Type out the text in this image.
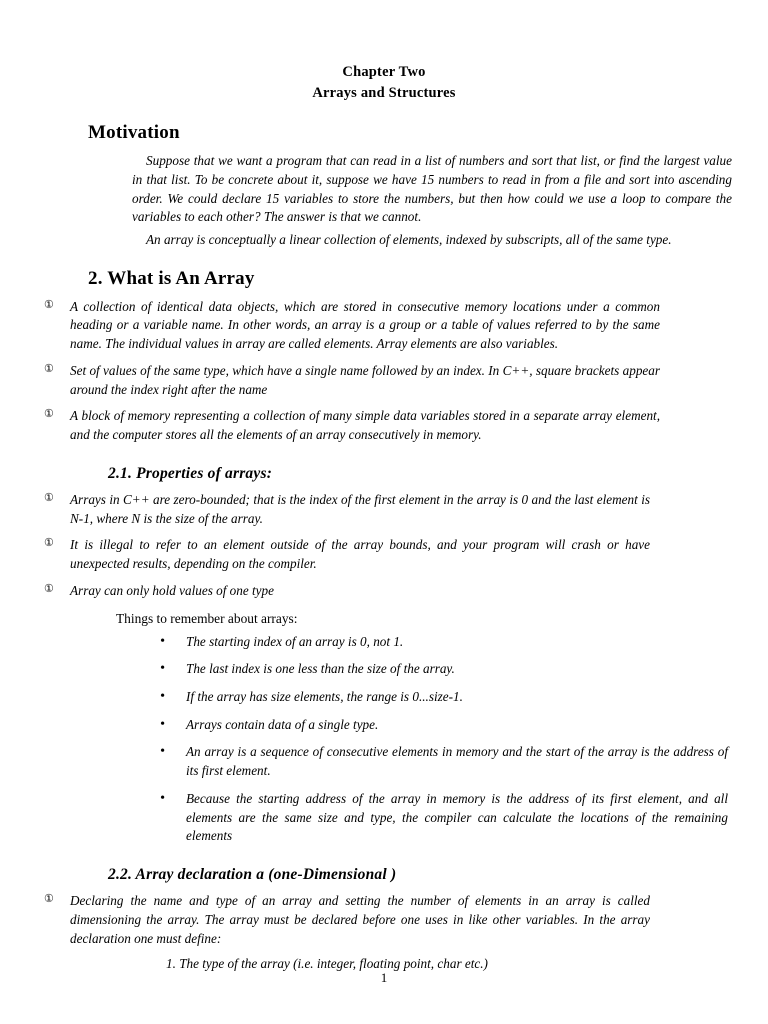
Chapter Two
Arrays and Structures
Motivation

Suppose that we want a program that can read in a list of numbers and sort that list, or find the largest value in that list. To be concrete about it, suppose we have 15 numbers to read in from a file and sort into ascending order. We could declare 15 variables to store the numbers, but then how could we use a loop to compare the variables to each other? The answer is that we cannot.

An array is conceptually a linear collection of elements, indexed by subscripts, all of the same type.

2. What is An Array
① A collection of identical data objects, which are stored in consecutive memory locations under a common heading or a variable name. In other words, an array is a group or a table of values referred to by the same name. The individual values in array are called elements. Array elements are also variables.
① Set of values of the same type, which have a single name followed by an index. In C++, square brackets appear around the index right after the name
① A block of memory representing a collection of many simple data variables stored in a separate array element, and the computer stores all the elements of an array consecutively in memory.
2.1. Properties of arrays:
① Arrays in C++ are zero-bounded; that is the index of the first element in the array is 0 and the last element is N-1, where N is the size of the array.
① It is illegal to refer to an element outside of the array bounds, and your program will crash or have unexpected results, depending on the compiler.
① Array can only hold values of one type

Things to remember about arrays:

• The starting index of an array is 0, not 1.
• The last index is one less than the size of the array.
• If the array has size elements, the range is 0...size-1.
• Arrays contain data of a single type.
• An array is a sequence of consecutive elements in memory and the start of the array is the address of its first element.
• Because the starting address of the array in memory is the address of its first element, and all elements are the same size and type, the compiler can calculate the locations of the remaining elements
2.2. Array declaration a (one-Dimensional )
① Declaring the name and type of an array and setting the number of elements in an array is called dimensioning the array. The array must be declared before one uses in like other variables. In the array declaration one must define:
1. The type of the array (i.e. integer, floating point, char etc.)
1
